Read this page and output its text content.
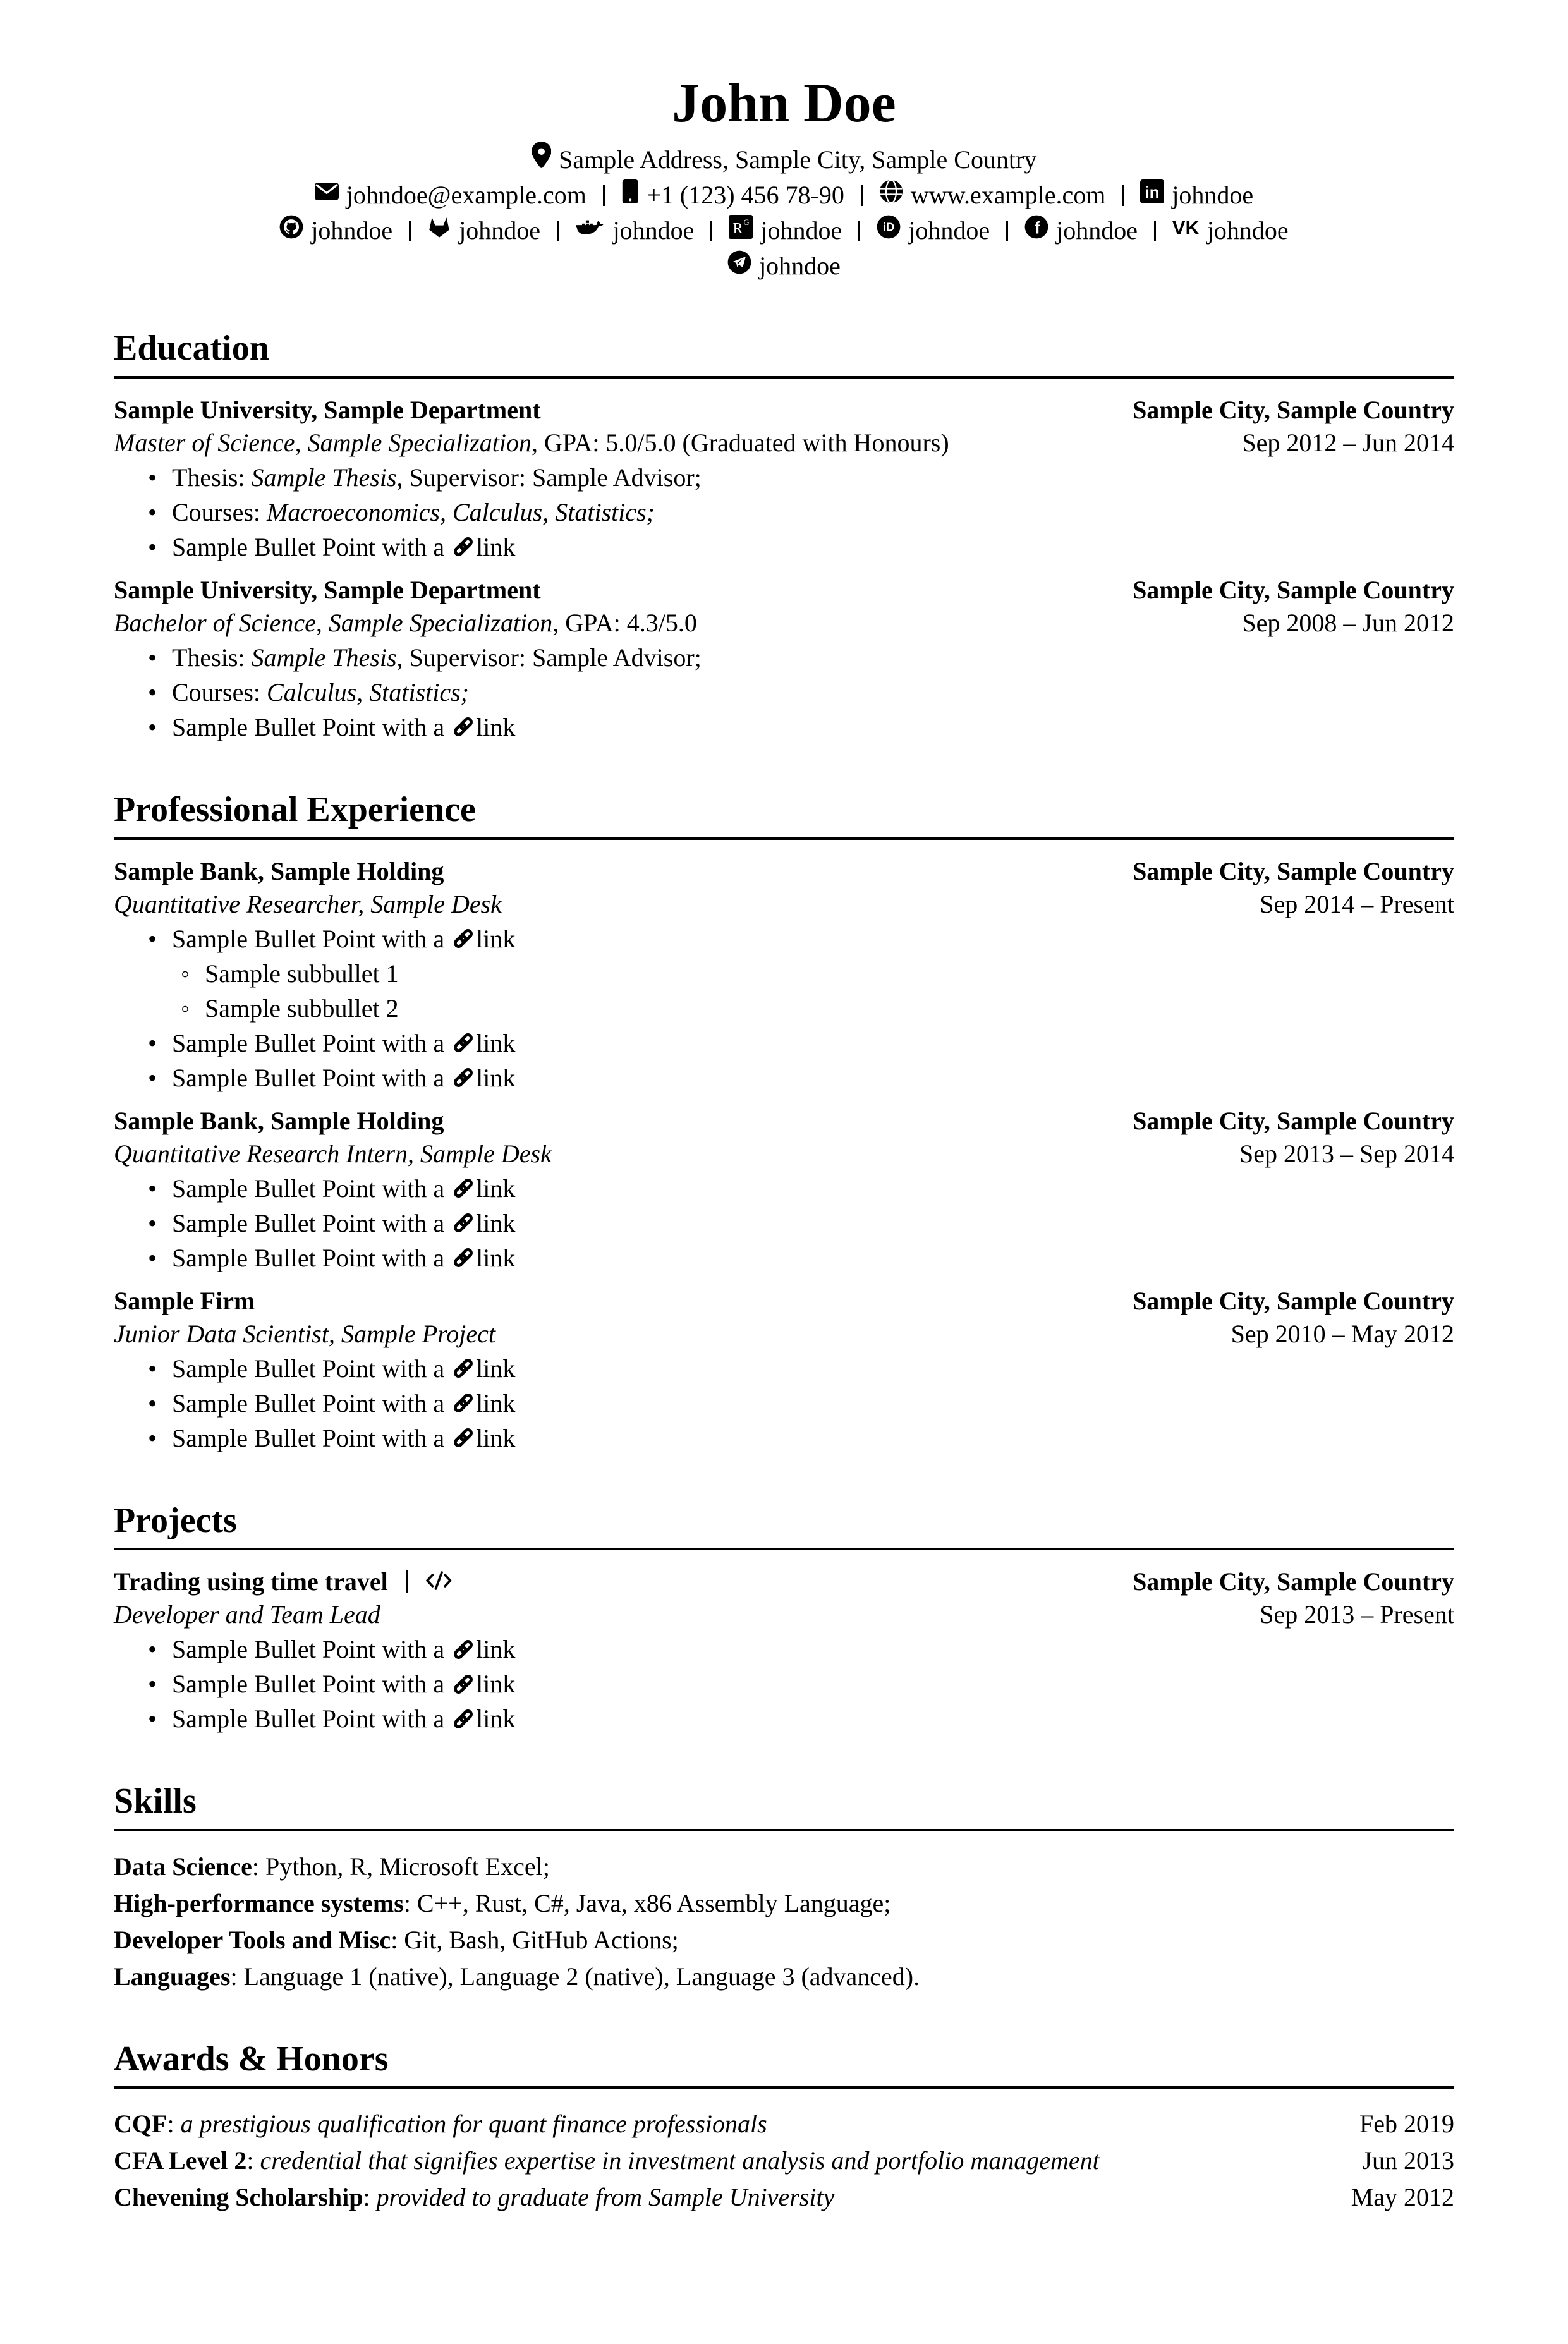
John Doe
Sample Address, Sample City, Sample Country
johndoe@example.com +1 (123) 456 78-90	www.example.com in johndoe
johndoe	johndoe	johndoe R G johndoe iD johndoe f johndoe VK johndoe
johndoe
Education
Sample University, Sample Department	Sample City, Sample Country
Master of Science, Sample Specialization, GPA: 5.0/5.0 (Graduated with Honours)	Sep 2012 – Jun 2014
• Thesis: Sample Thesis, Supervisor: Sample Advisor;
• Courses: Macroeconomics, Calculus, Statistics;
• Sample Bullet Point with a link
Sample University, Sample Department	Sample City, Sample Country
Bachelor of Science, Sample Specialization, GPA: 4.3/5.0	Sep 2008 – Jun 2012
• Thesis: Sample Thesis, Supervisor: Sample Advisor;
• Courses: Calculus, Statistics;
• Sample Bullet Point with a link
Professional Experience
Sample Bank, Sample Holding	Sample City, Sample Country
Quantitative Researcher, Sample Desk	Sep 2014 – Present
• Sample Bullet Point with a link
◦ Sample subbullet 1
◦ Sample subbullet 2
• Sample Bullet Point with a link
• Sample Bullet Point with a link
Sample Bank, Sample Holding	Sample City, Sample Country
Quantitative Research Intern, Sample Desk	Sep 2013 – Sep 2014
• Sample Bullet Point with a link
• Sample Bullet Point with a link
• Sample Bullet Point with a link
Sample Firm	Sample City, Sample Country
Junior Data Scientist, Sample Project	Sep 2010 – May 2012
• Sample Bullet Point with a link
• Sample Bullet Point with a link
• Sample Bullet Point with a link
Projects
Trading using time travel	Sample City, Sample Country
Developer and Team Lead	Sep 2013 – Present
• Sample Bullet Point with a link
• Sample Bullet Point with a link
• Sample Bullet Point with a link
Skills

Data Science: Python, R, Microsoft Excel;

High-performance systems: C++, Rust, C#, Java, x86 Assembly Language;

Developer Tools and Misc: Git, Bash, GitHub Actions;

Languages: Language 1 (native), Language 2 (native), Language 3 (advanced).

Awards & Honors
CQF: a prestigious qualification for quant finance professionals	Feb 2019
CFA Level 2: credential that signifies expertise in investment analysis and portfolio management	Jun 2013
Chevening Scholarship: provided to graduate from Sample University	May 2012
